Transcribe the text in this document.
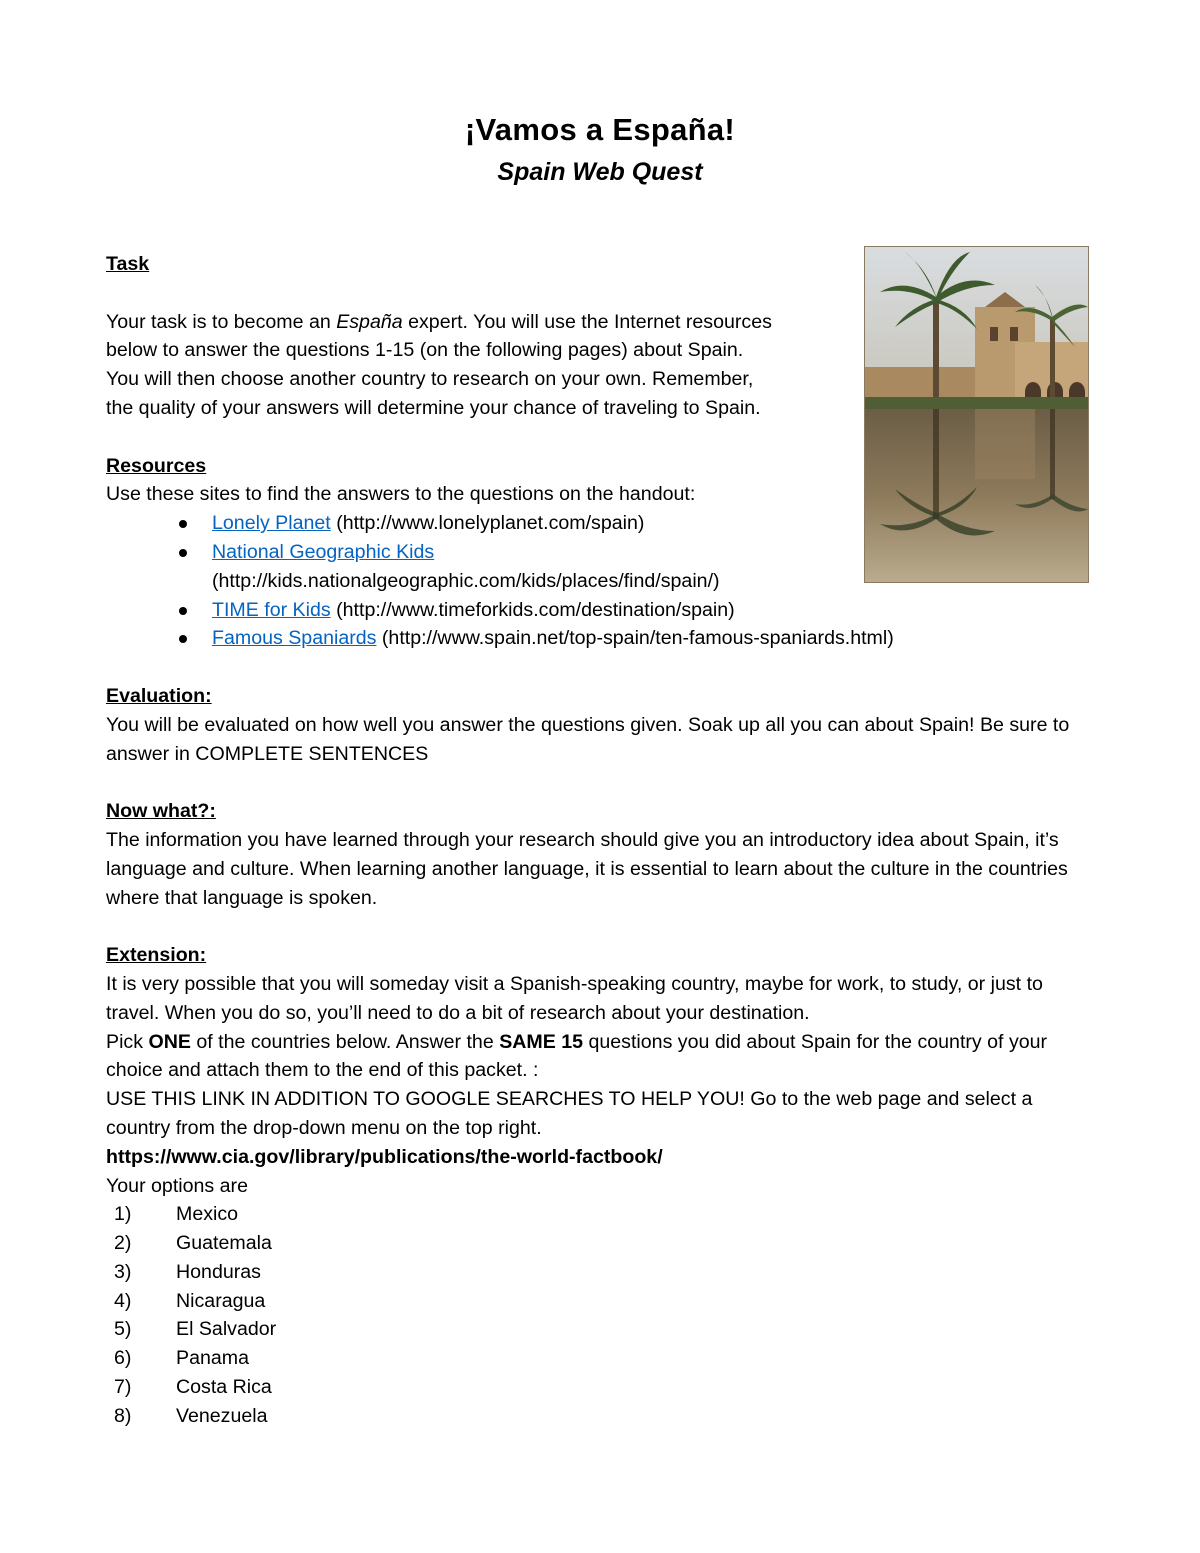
¡Vamos a España!
Spain Web Quest
Task
Your task is to become an España expert. You will use the Internet resources
below to answer the questions 1-15 (on the following pages) about Spain.
You will then choose another country to research on your own. Remember,
the quality of your answers will determine your chance of traveling to Spain.
Resources
Use these sites to find the answers to the questions on the handout:
Lonely Planet (http://www.lonelyplanet.com/spain)
National Geographic Kids
(http://kids.nationalgeographic.com/kids/places/find/spain/)
TIME for Kids (http://www.timeforkids.com/destination/spain)
Famous Spaniards (http://www.spain.net/top-spain/ten-famous-spaniards.html)
Evaluation:

You will be evaluated on how well you answer the questions given. Soak up all you can about Spain! Be sure to answer in COMPLETE SENTENCES

Now what?:

The information you have learned through your research should give you an introductory idea about Spain, it’s language and culture. When learning another language, it is essential to learn about the culture in the countries where that language is spoken.

Extension:

It is very possible that you will someday visit a Spanish-speaking country, maybe for work, to study, or just to travel. When you do so, you’ll need to do a bit of research about your destination.

Pick ONE of the countries below. Answer the SAME 15 questions you did about Spain for the country of your choice and attach them to the end of this packet. :

USE THIS LINK IN ADDITION TO GOOGLE SEARCHES TO HELP YOU! Go to the web page and select a country from the drop-down menu on the top right.

https://www.cia.gov/library/publications/the-world-factbook/

Your options are

1) Mexico
2) Guatemala
3) Honduras
4) Nicaragua
5) El Salvador
6) Panama
7) Costa Rica
8) Venezuela
